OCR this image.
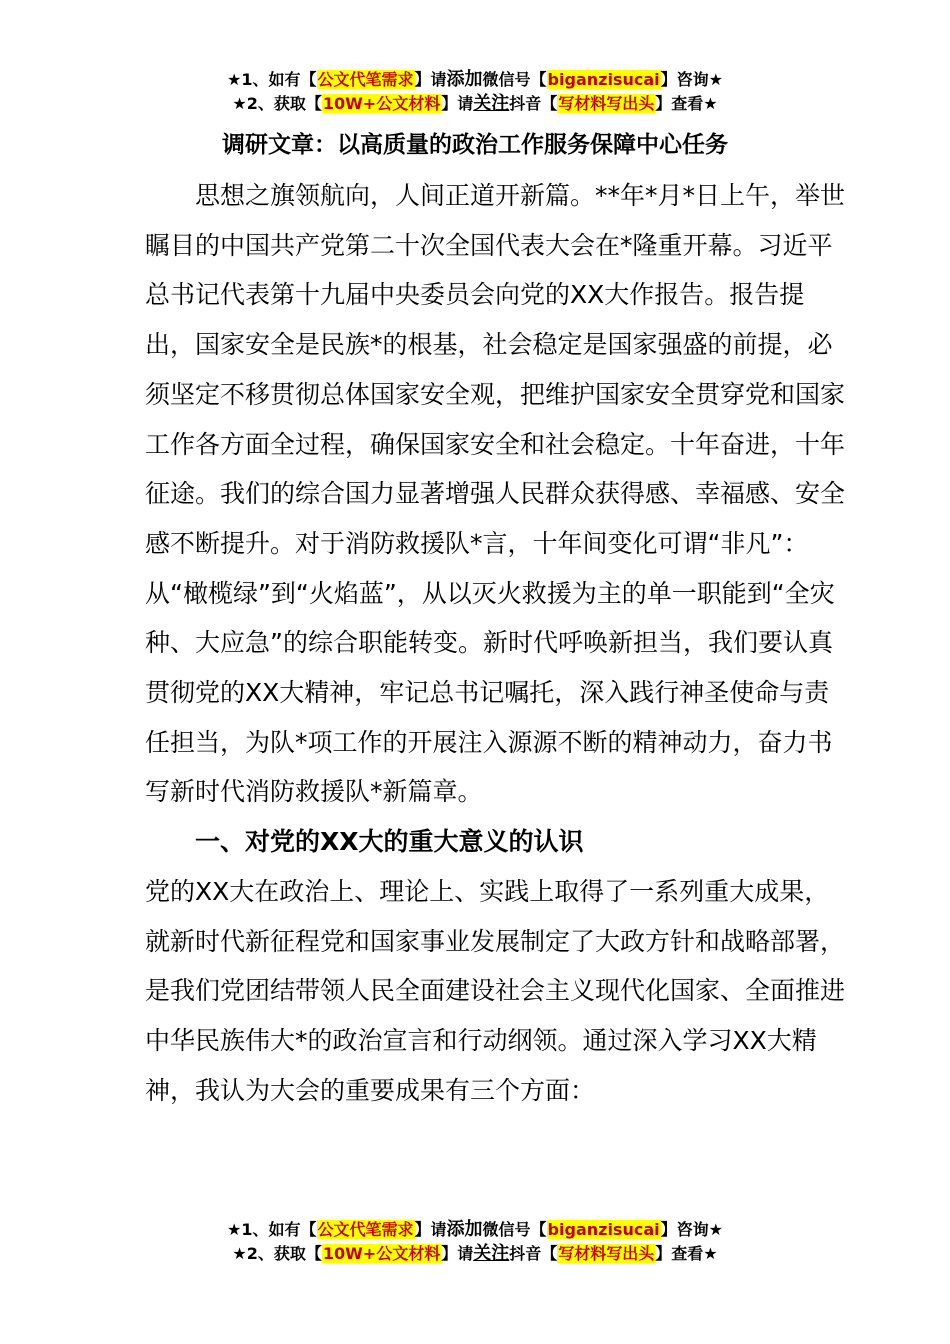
★1、如有【公文代笔需求】请添加微信号【biganzisucai】咨询★
★2、获取【10W+公文材料】请关注抖音【写材料写出头】查看★
调研文章：以高质量的政治工作服务保障中心任务

思想之旗领航向，人间正道开新篇。**年*月*日上午，举世瞩目的中国共产党第二十次全国代表大会在*隆重开幕。习近平总书记代表第十九届中央委员会向党的XX大作报告。报告提出，国家安全是民族*的根基，社会稳定是国家强盛的前提，必须坚定不移贯彻总体国家安全观，把维护国家安全贯穿党和国家工作各方面全过程，确保国家安全和社会稳定。十年奋进，十年征途。我们的综合国力显著增强人民群众获得感、幸福感、安全感不断提升。对于消防救援队*言，十年间变化可谓“非凡”：从“橄榄绿”到“火焰蓝”，从以灭火救援为主的单一职能到“全灾种、大应急”的综合职能转变。新时代呼唤新担当，我们要认真贯彻党的XX大精神，牢记总书记嘱托，深入践行神圣使命与责任担当，为队*项工作的开展注入源源不断的精神动力，奋力书写新时代消防救援队*新篇章。

一、对党的XX大的重大意义的认识

党的XX大在政治上、理论上、实践上取得了一系列重大成果，就新时代新征程党和国家事业发展制定了大政方针和战略部署，是我们党团结带领人民全面建设社会主义现代化国家、全面推进中华民族伟大*的政治宣言和行动纲领。通过深入学习XX大精神，我认为大会的重要成果有三个方面：

★1、如有【公文代笔需求】请添加微信号【biganzisucai】咨询★
★2、获取【10W+公文材料】请关注抖音【写材料写出头】查看★
